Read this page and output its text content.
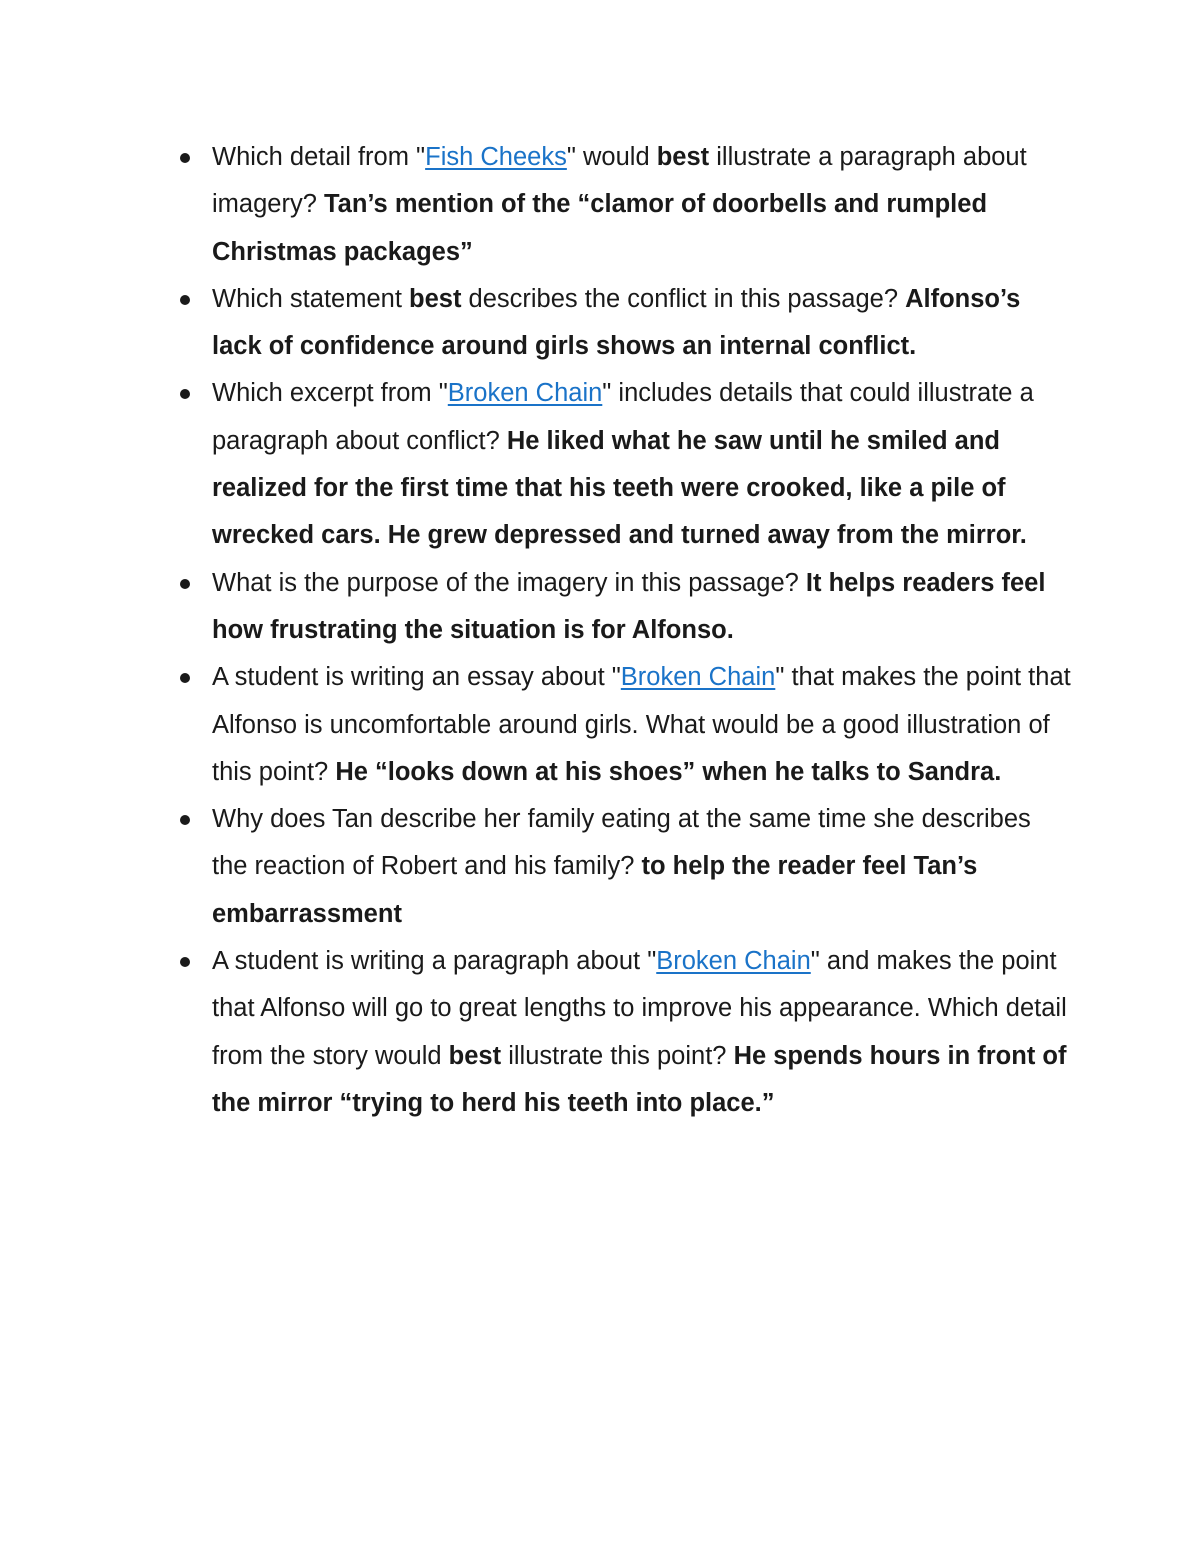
Which detail from "Fish Cheeks" would best illustrate a paragraph about imagery? Tan’s mention of the “clamor of doorbells and rumpled Christmas packages”
Which statement best describes the conflict in this passage? Alfonso’s lack of confidence around girls shows an internal conflict.
Which excerpt from "Broken Chain" includes details that could illustrate a paragraph about conflict? He liked what he saw until he smiled and realized for the first time that his teeth were crooked, like a pile of wrecked cars. He grew depressed and turned away from the mirror.
What is the purpose of the imagery in this passage? It helps readers feel how frustrating the situation is for Alfonso.
A student is writing an essay about "Broken Chain" that makes the point that Alfonso is uncomfortable around girls. What would be a good illustration of this point? He “looks down at his shoes” when he talks to Sandra.
Why does Tan describe her family eating at the same time she describes the reaction of Robert and his family? to help the reader feel Tan’s embarrassment
A student is writing a paragraph about "Broken Chain" and makes the point that Alfonso will go to great lengths to improve his appearance. Which detail from the story would best illustrate this point? He spends hours in front of the mirror “trying to herd his teeth into place.”
